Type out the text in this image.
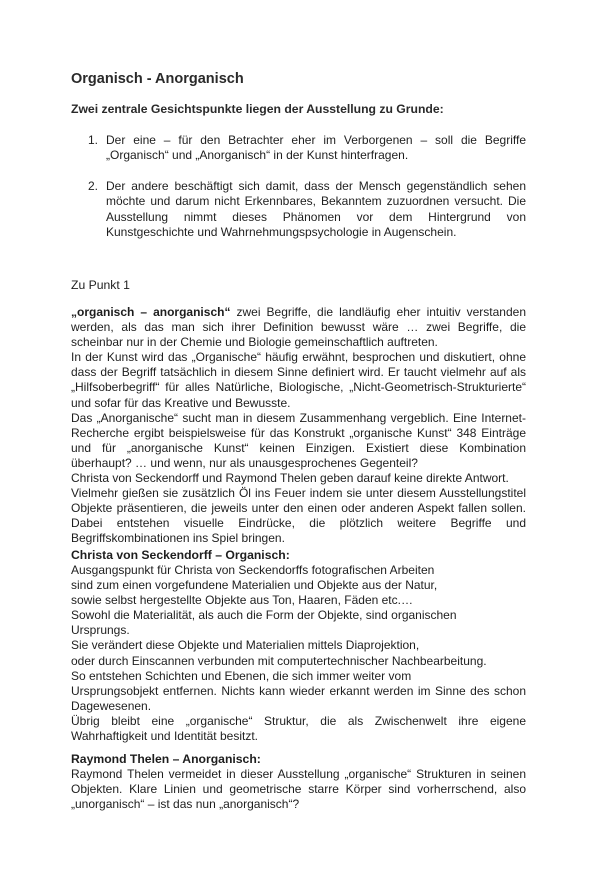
Organisch - Anorganisch
Zwei zentrale Gesichtspunkte liegen der Ausstellung zu Grunde:
1. Der eine – für den Betrachter eher im Verborgenen – soll die Begriffe „Organisch“ und „Anorganisch“ in der Kunst hinterfragen.
2. Der andere beschäftigt sich damit, dass der Mensch gegenständlich sehen möchte und darum nicht Erkennbares, Bekanntem zuzuordnen versucht. Die Ausstellung nimmt dieses Phänomen vor dem Hintergrund von Kunstgeschichte und Wahrnehmungspsychologie in Augenschein.
Zu Punkt 1
„organisch – anorganisch“ zwei Begriffe, die landläufig eher intuitiv verstanden werden, als das man sich ihrer Definition bewusst wäre … zwei Begriffe, die scheinbar nur in der Chemie und Biologie gemeinschaftlich auftreten.
In der Kunst wird das „Organische“ häufig erwähnt, besprochen und diskutiert, ohne dass der Begriff tatsächlich in diesem Sinne definiert wird. Er taucht vielmehr auf als „Hilfsoberbegriff“ für alles Natürliche, Biologische, „Nicht-Geometrisch-Strukturierte“ und sofar für das Kreative und Bewusste.
Das „Anorganische“ sucht man in diesem Zusammenhang vergeblich. Eine Internet-Recherche ergibt beispielsweise für das Konstrukt „organische Kunst“ 348 Einträge und für „anorganische Kunst“ keinen Einzigen. Existiert diese Kombination überhaupt? … und wenn, nur als unausgesprochenes Gegenteil?
Christa von Seckendorff und Raymond Thelen geben darauf keine direkte Antwort.
Vielmehr gießen sie zusätzlich Öl ins Feuer indem sie unter diesem Ausstellungstitel Objekte präsentieren, die jeweils unter den einen oder anderen Aspekt fallen sollen. Dabei entstehen visuelle Eindrücke, die plötzlich weitere Begriffe und Begriffskombinationen ins Spiel bringen.
Christa von Seckendorff – Organisch:
Ausgangspunkt für Christa von Seckendorffs fotografischen Arbeiten
sind zum einen vorgefundene Materialien und Objekte aus der Natur,
sowie selbst hergestellte Objekte aus Ton, Haaren, Fäden etc.…
Sowohl die Materialität, als auch die Form der Objekte, sind organischen
Ursprungs.
Sie verändert diese Objekte und Materialien mittels Diaprojektion,
oder durch Einscannen verbunden mit computertechnischer Nachbearbeitung.
So entstehen Schichten und Ebenen, die sich immer weiter vom
Ursprungsobjekt entfernen. Nichts kann wieder erkannt werden im Sinne des schon Dagewesenen.
Übrig bleibt eine „organische“ Struktur, die als Zwischenwelt ihre eigene Wahrhaftigkeit und Identität besitzt.
Raymond Thelen – Anorganisch:
Raymond Thelen vermeidet in dieser Ausstellung „organische“ Strukturen in seinen Objekten. Klare Linien und geometrische starre Körper sind vorherrschend, also „unorganisch“ – ist das nun „anorganisch“?
